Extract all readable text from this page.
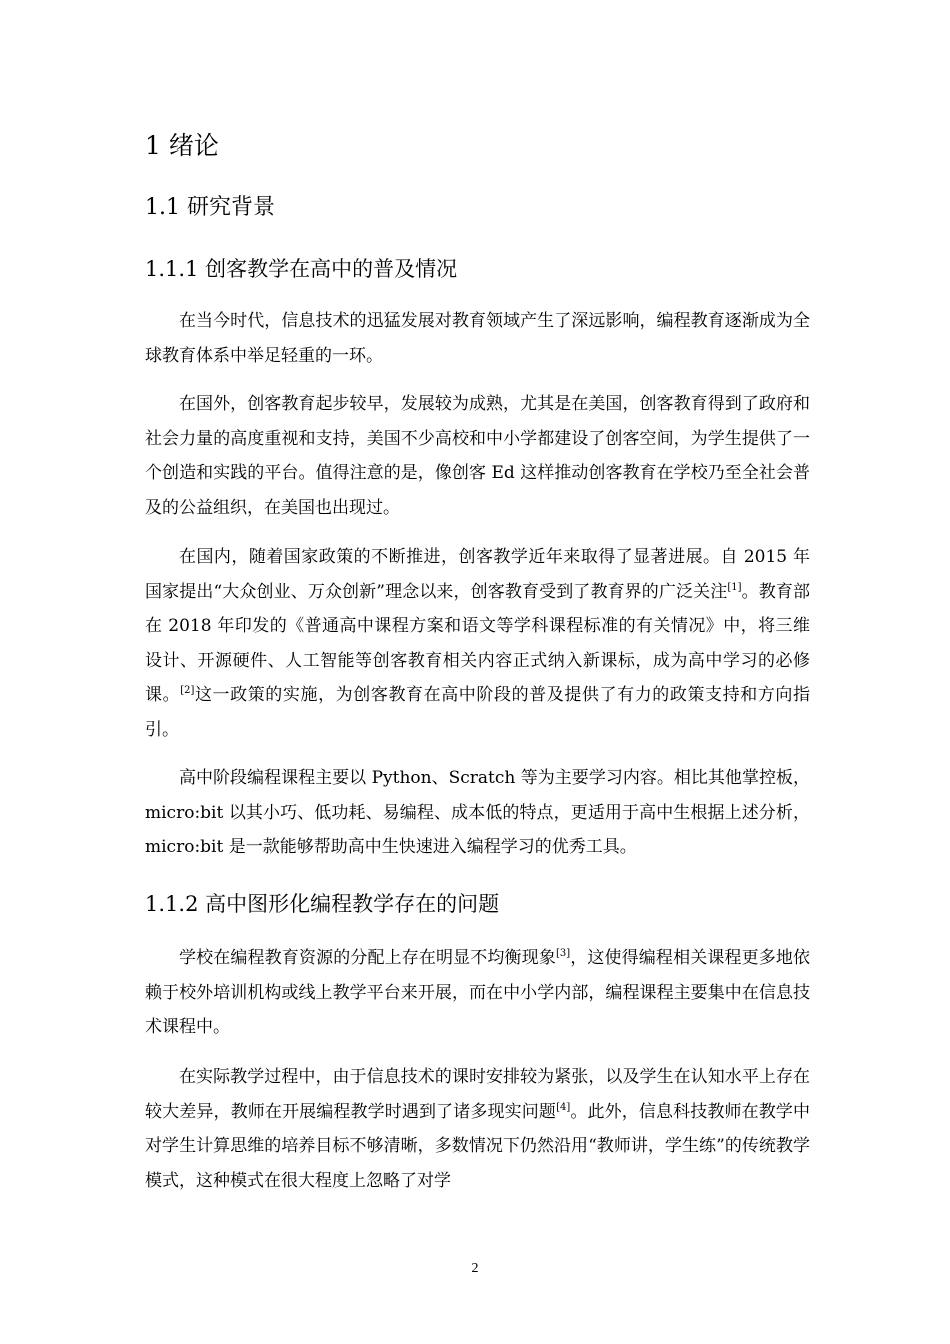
1 绪论
1.1 研究背景
1.1.1 创客教学在高中的普及情况

在当今时代，信息技术的迅猛发展对教育领域产生了深远影响，编程教育逐渐成为全球教育体系中举足轻重的一环。

在国外，创客教育起步较早，发展较为成熟，尤其是在美国，创客教育得到了政府和社会力量的高度重视和支持，美国不少高校和中小学都建设了创客空间，为学生提供了一个创造和实践的平台。值得注意的是，像创客 Ed 这样推动创客教育在学校乃至全社会普及的公益组织，在美国也出现过。

在国内，随着国家政策的不断推进，创客教学近年来取得了显著进展。自 2015 年国家提出“大众创业、万众创新”理念以来，创客教育受到了教育界的广泛关注[1]。教育部在 2018 年印发的《普通高中课程方案和语文等学科课程标准的有关情况》中，将三维设计、开源硬件、人工智能等创客教育相关内容正式纳入新课标，成为高中学习的必修课。[2]这一政策的实施，为创客教育在高中阶段的普及提供了有力的政策支持和方向指引。

高中阶段编程课程主要以 Python、Scratch 等为主要学习内容。相比其他掌控板，micro:bit 以其小巧、低功耗、易编程、成本低的特点，更适用于高中生根据上述分析，micro:bit 是一款能够帮助高中生快速进入编程学习的优秀工具。

1.1.2 高中图形化编程教学存在的问题

学校在编程教育资源的分配上存在明显不均衡现象[3]，这使得编程相关课程更多地依赖于校外培训机构或线上教学平台来开展，而在中小学内部，编程课程主要集中在信息技术课程中。

在实际教学过程中，由于信息技术的课时安排较为紧张，以及学生在认知水平上存在较大差异，教师在开展编程教学时遇到了诸多现实问题[4]。此外，信息科技教师在教学中对学生计算思维的培养目标不够清晰，多数情况下仍然沿用“教师讲，学生练”的传统教学模式，这种模式在很大程度上忽略了对学

2
